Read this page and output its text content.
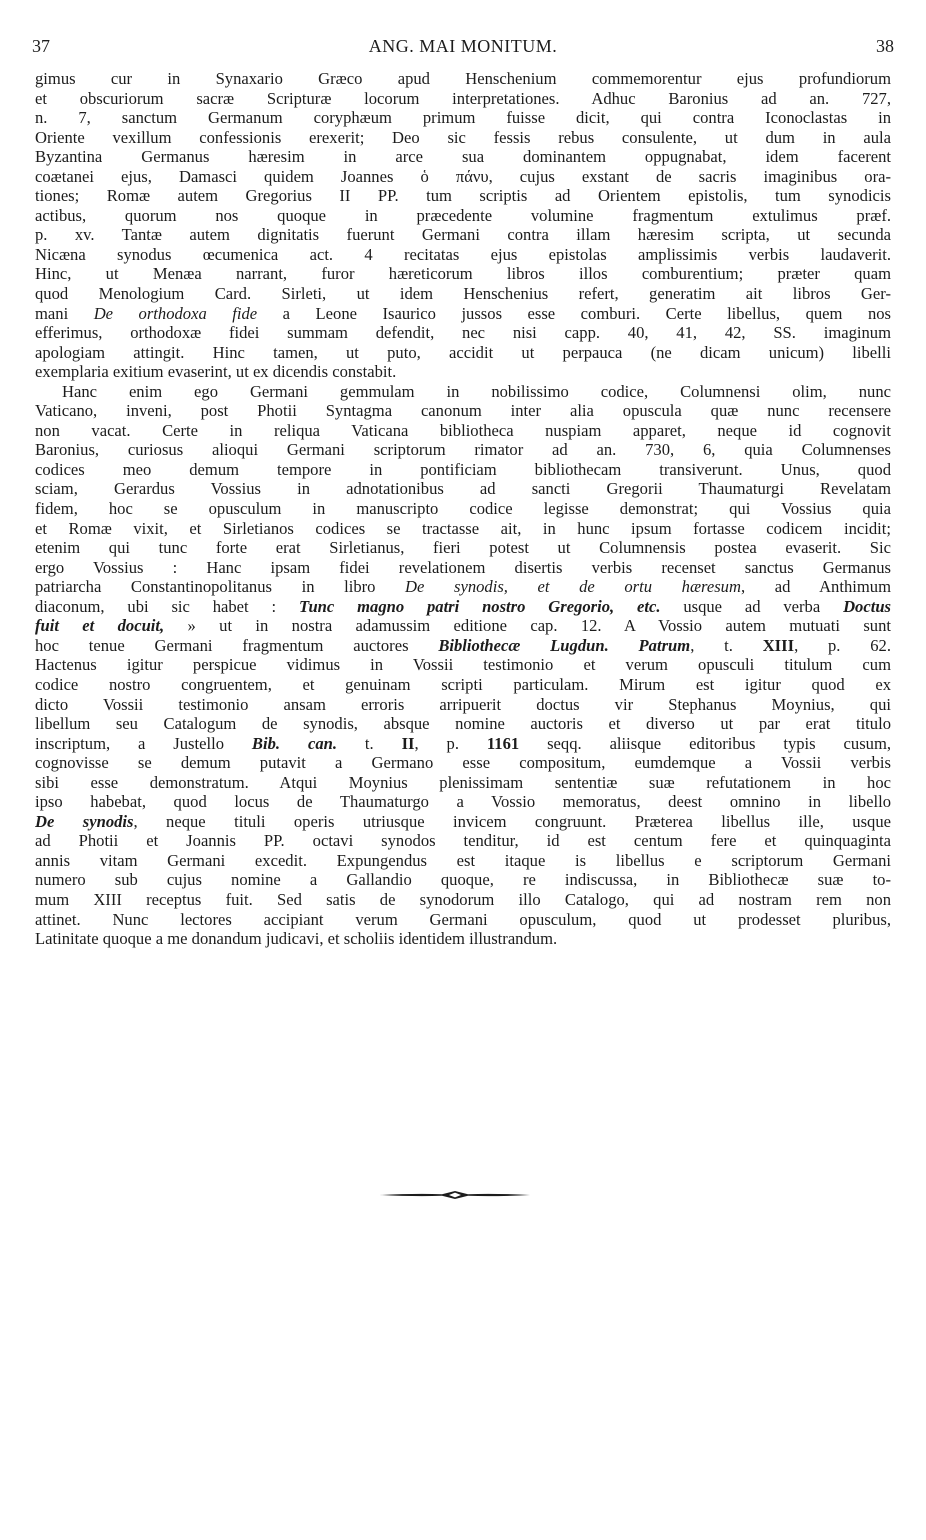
37	ANG. MAI MONITUM.	38
gimus cur in Synaxario Græco apud Henschenium commemorentur ejus profundiorum
et obscuriorum sacræ Scripturæ locorum interpretationes. Adhuc Baronius ad an. 727,
n. 7, sanctum Germanum coryphæum primum fuisse dicit, qui contra Iconoclastas in
Oriente vexillum confessionis erexerit; Deo sic fessis rebus consulente, ut dum in aula
Byzantina Germanus hæresim in arce sua dominantem oppugnabat, idem facerent
coætanei ejus, Damasci quidem Joannes ὁ πάνυ, cujus exstant de sacris imaginibus ora-
tiones; Romæ autem Gregorius II PP. tum scriptis ad Orientem epistolis, tum synodicis
actibus, quorum nos quoque in præcedente volumine fragmentum extulimus præf.
p. xv. Tantæ autem dignitatis fuerunt Germani contra illam hæresim scripta, ut secunda
Nicæna synodus œcumenica act. 4 recitatas ejus epistolas amplissimis verbis laudaverit.
Hinc, ut Menæa narrant, furor hæreticorum libros illos comburentium; præter quam
quod Menologium Card. Sirleti, ut idem Henschenius refert, generatim ait libros Ger-
mani De orthodoxa fide a Leone Isaurico jussos esse comburi. Certe libellus, quem nos
efferimus, orthodoxæ fidei summam defendit, nec nisi capp. 40, 41, 42, SS. imaginum
apologiam attingit. Hinc tamen, ut puto, accidit ut perpauca (ne dicam unicum) libelli
exemplaria exitium evaserint, ut ex dicendis constabit.
Hanc enim ego Germani gemmulam in nobilissimo codice, Columnensi olim, nunc
Vaticano, inveni, post Photii Syntagma canonum inter alia opuscula quæ nunc recensere
non vacat. Certe in reliqua Vaticana bibliotheca nuspiam apparet, neque id cognovit
Baronius, curiosus alioqui Germani scriptorum rimator ad an. 730, 6, quia Columnenses
codices meo demum tempore in pontificiam bibliothecam transiverunt. Unus, quod
sciam, Gerardus Vossius in adnotationibus ad sancti Gregorii Thaumaturgi Revelatam
fidem, hoc se opusculum in manuscripto codice legisse demonstrat; qui Vossius quia
et Romæ vixit, et Sirletianos codices se tractasse ait, in hunc ipsum fortasse codicem incidit;
etenim qui tunc forte erat Sirletianus, fieri potest ut Columnensis postea evaserit. Sic
ergo Vossius : Hanc ipsam fidei revelationem disertis verbis recenset sanctus Germanus
patriarcha Constantinopolitanus in libro De synodis, et de ortu hæresum, ad Anthimum
diaconum, ubi sic habet : Tunc magno patri nostro Gregorio, etc. usque ad verba Doctus
fuit et docuit, » ut in nostra adamussim editione cap. 12. A Vossio autem mutuati sunt
hoc tenue Germani fragmentum auctores Bibliothecæ Lugdun. Patrum, t. XIII, p. 62.
Hactenus igitur perspicue vidimus in Vossii testimonio et verum opusculi titulum cum
codice nostro congruentem, et genuinam scripti particulam. Mirum est igitur quod ex
dicto Vossii testimonio ansam erroris arripuerit doctus vir Stephanus Moynius, qui
libellum seu Catalogum de synodis, absque nomine auctoris et diverso ut par erat titulo
inscriptum, a Justello Bib. can. t. II, p. 1161 seqq. aliisque editoribus typis cusum,
cognovisse se demum putavit a Germano esse compositum, eumdemque a Vossii verbis
sibi esse demonstratum. Atqui Moynius plenissimam sententiæ suæ refutationem in hoc
ipso habebat, quod locus de Thaumaturgo a Vossio memoratus, deest omnino in libello
De synodis, neque tituli operis utriusque invicem congruunt. Præterea libellus ille, usque
ad Photii et Joannis PP. octavi synodos tenditur, id est centum fere et quinquaginta
annis vitam Germani excedit. Expungendus est itaque is libellus e scriptorum Germani
numero sub cujus nomine a Gallandio quoque, re indiscussa, in Bibliothecæ suæ to-
mum XIII receptus fuit. Sed satis de synodorum illo Catalogo, qui ad nostram rem non
attinet. Nunc lectores accipiant verum Germani opusculum, quod ut prodesset pluribus,
Latinitate quoque a me donandum judicavi, et scholiis identidem illustrandum.
